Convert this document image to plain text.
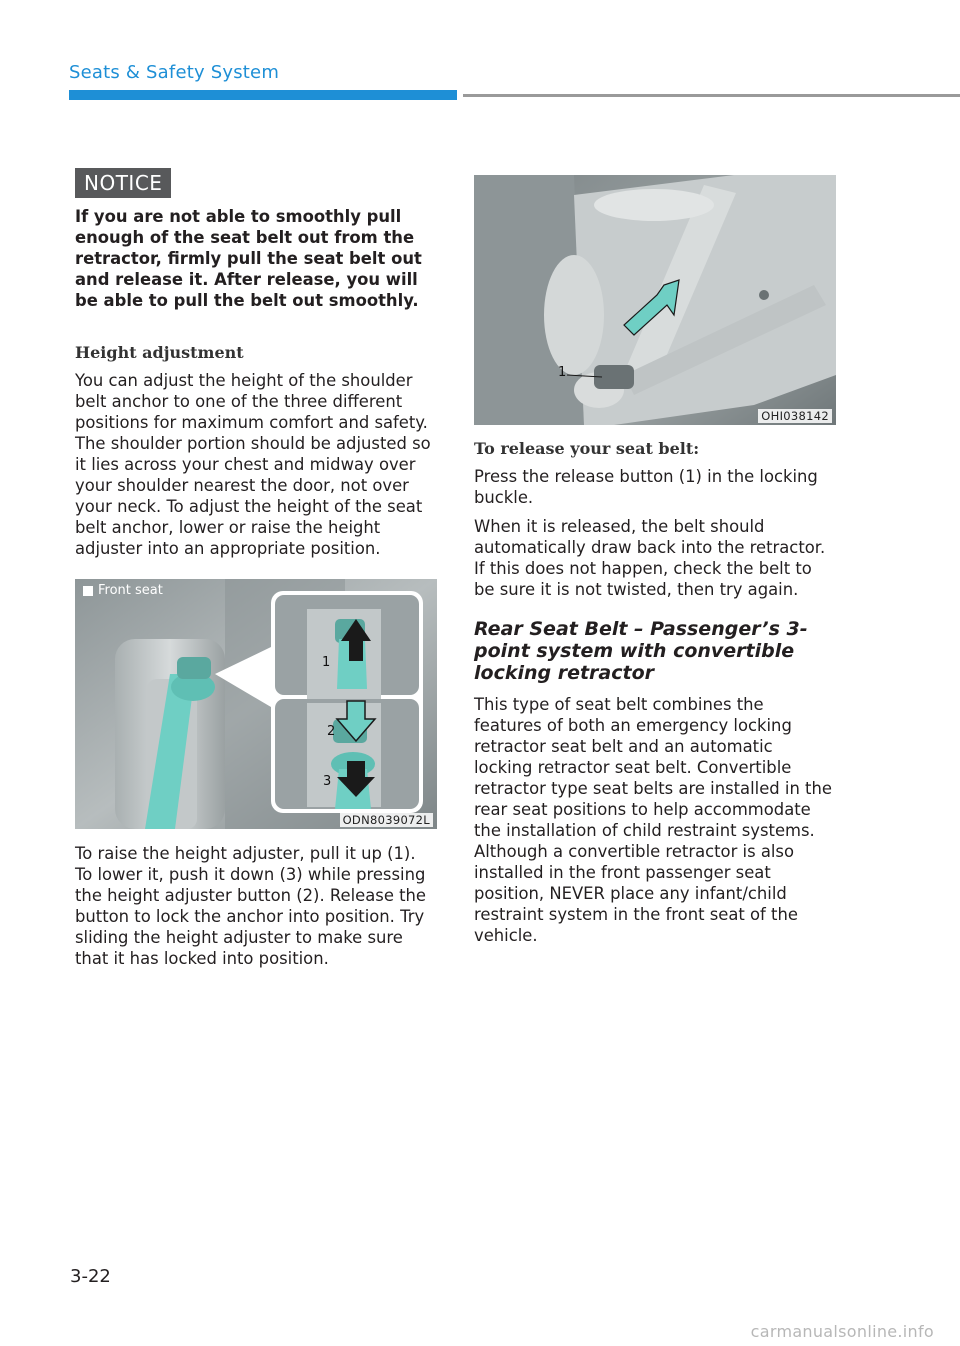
Seats & Safety System
NOTICE

If you are not able to smoothly pull enough of the seat belt out from the retractor, firmly pull the seat belt out and release it. After release, you will be able to pull the belt out smoothly.

Height adjustment

You can adjust the height of the shoulder belt anchor to one of the three different positions for maximum comfort and safety. The shoulder portion should be adjusted so it lies across your chest and midway over your shoulder nearest the door, not over your neck. To adjust the height of the seat belt anchor, lower or raise the height adjuster into an appropriate position.

Front seat
1
2
3
ODN8039072L

To raise the height adjuster, pull it up (1). To lower it, push it down (3) while pressing the height adjuster button (2). Release the button to lock the anchor into position. Try sliding the height adjuster to make sure that it has locked into position.

1
OHI038142

To release your seat belt:

Press the release button (1) in the locking buckle.

When it is released, the belt should automatically draw back into the retractor. If this does not happen, check the belt to be sure it is not twisted, then try again.

Rear Seat Belt – Passenger’s 3-point system with convertible locking retractor

This type of seat belt combines the features of both an emergency locking retractor seat belt and an automatic locking retractor seat belt. Convertible retractor type seat belts are installed in the rear seat positions to help accommodate the installation of child restraint systems. Although a convertible retractor is also installed in the front passenger seat position, NEVER place any infant/child restraint system in the front seat of the vehicle.

3-22
carmanualsonline.info
